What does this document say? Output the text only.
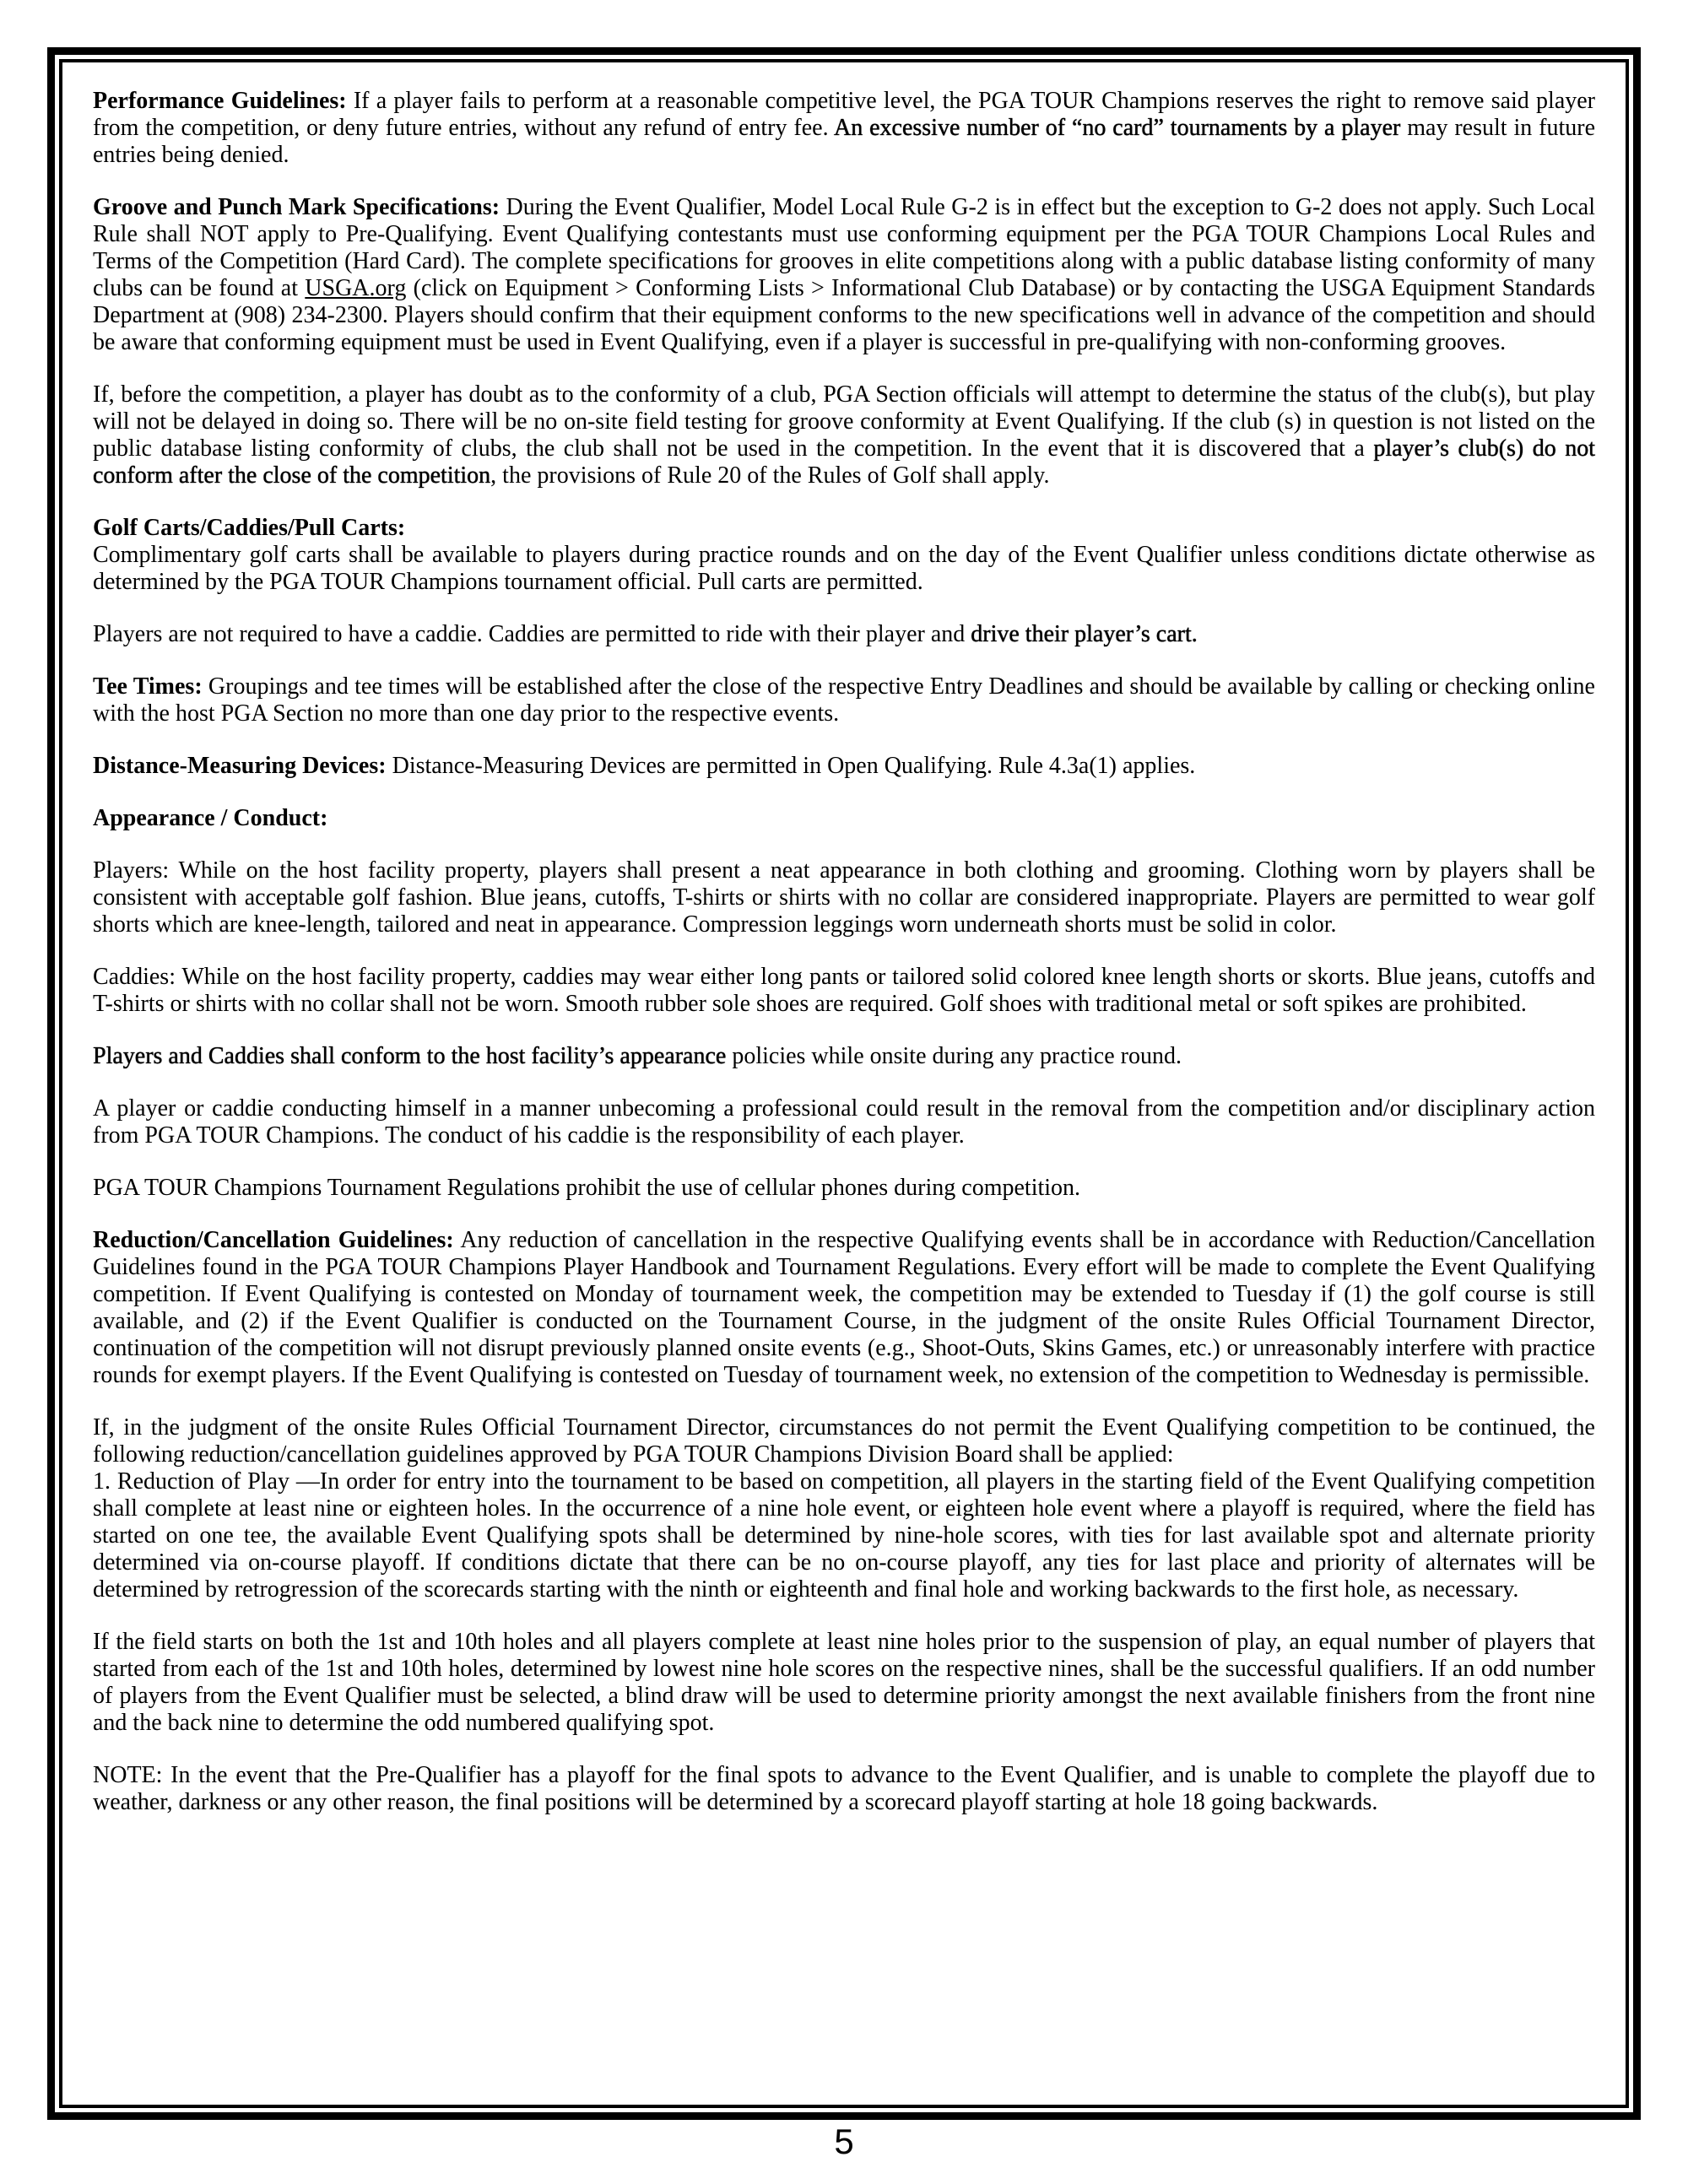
Performance Guidelines: If a player fails to perform at a reasonable competitive level, the PGA TOUR Champions reserves the right to remove said player from the competition, or deny future entries, without any refund of entry fee. An excessive number of “no card” tournaments by a player may result in future entries being denied.

Groove and Punch Mark Specifications: During the Event Qualifier, Model Local Rule G-2 is in effect but the exception to G-2 does not apply. Such Local Rule shall NOT apply to Pre-Qualifying. Event Qualifying contestants must use conforming equipment per the PGA TOUR Champions Local Rules and Terms of the Competition (Hard Card). The complete specifications for grooves in elite competitions along with a public database listing conformity of many clubs can be found at USGA.org (click on Equipment > Conforming Lists > Informational Club Database) or by contacting the USGA Equipment Standards Department at (908) 234-2300. Players should confirm that their equipment conforms to the new specifications well in advance of the competition and should be aware that conforming equipment must be used in Event Qualifying, even if a player is successful in pre-qualifying with non-conforming grooves.

If, before the competition, a player has doubt as to the conformity of a club, PGA Section officials will attempt to determine the status of the club(s), but play will not be delayed in doing so. There will be no on-site field testing for groove conformity at Event Qualifying. If the club (s) in question is not listed on the public database listing conformity of clubs, the club shall not be used in the competition. In the event that it is discovered that a player’s club(s) do not conform after the close of the competition, the provisions of Rule 20 of the Rules of Golf shall apply.

Golf Carts/Caddies/Pull Carts:
Complimentary golf carts shall be available to players during practice rounds and on the day of the Event Qualifier unless conditions dictate otherwise as determined by the PGA TOUR Champions tournament official. Pull carts are permitted.

Players are not required to have a caddie. Caddies are permitted to ride with their player and drive their player’s cart.

Tee Times: Groupings and tee times will be established after the close of the respective Entry Deadlines and should be available by calling or checking online with the host PGA Section no more than one day prior to the respective events.

Distance-Measuring Devices: Distance-Measuring Devices are permitted in Open Qualifying. Rule 4.3a(1) applies.

Appearance / Conduct:

Players: While on the host facility property, players shall present a neat appearance in both clothing and grooming. Clothing worn by players shall be consistent with acceptable golf fashion. Blue jeans, cutoffs, T-shirts or shirts with no collar are considered inappropriate. Players are permitted to wear golf shorts which are knee-length, tailored and neat in appearance. Compression leggings worn underneath shorts must be solid in color.

Caddies: While on the host facility property, caddies may wear either long pants or tailored solid colored knee length shorts or skorts. Blue jeans, cutoffs and T-shirts or shirts with no collar shall not be worn. Smooth rubber sole shoes are required. Golf shoes with traditional metal or soft spikes are prohibited.

Players and Caddies shall conform to the host facility’s appearance policies while onsite during any practice round.

A player or caddie conducting himself in a manner unbecoming a professional could result in the removal from the competition and/or disciplinary action from PGA TOUR Champions. The conduct of his caddie is the responsibility of each player.

PGA TOUR Champions Tournament Regulations prohibit the use of cellular phones during competition.

Reduction/Cancellation Guidelines: Any reduction of cancellation in the respective Qualifying events shall be in accordance with Reduction/Cancellation Guidelines found in the PGA TOUR Champions Player Handbook and Tournament Regulations. Every effort will be made to complete the Event Qualifying competition. If Event Qualifying is contested on Monday of tournament week, the competition may be extended to Tuesday if (1) the golf course is still available, and (2) if the Event Qualifier is conducted on the Tournament Course, in the judgment of the onsite Rules Official Tournament Director, continuation of the competition will not disrupt previously planned onsite events (e.g., Shoot-Outs, Skins Games, etc.) or unreasonably interfere with practice rounds for exempt players. If the Event Qualifying is contested on Tuesday of tournament week, no extension of the competition to Wednesday is permissible.

If, in the judgment of the onsite Rules Official Tournament Director, circumstances do not permit the Event Qualifying competition to be continued, the following reduction/cancellation guidelines approved by PGA TOUR Champions Division Board shall be applied:
1. Reduction of Play —In order for entry into the tournament to be based on competition, all players in the starting field of the Event Qualifying competition shall complete at least nine or eighteen holes. In the occurrence of a nine hole event, or eighteen hole event where a playoff is required, where the field has started on one tee, the available Event Qualifying spots shall be determined by nine-hole scores, with ties for last available spot and alternate priority determined via on-course playoff. If conditions dictate that there can be no on-course playoff, any ties for last place and priority of alternates will be determined by retrogression of the scorecards starting with the ninth or eighteenth and final hole and working backwards to the first hole, as necessary.

If the field starts on both the 1st and 10th holes and all players complete at least nine holes prior to the suspension of play, an equal number of players that started from each of the 1st and 10th holes, determined by lowest nine hole scores on the respective nines, shall be the successful qualifiers. If an odd number of players from the Event Qualifier must be selected, a blind draw will be used to determine priority amongst the next available finishers from the front nine and the back nine to determine the odd numbered qualifying spot.

NOTE: In the event that the Pre-Qualifier has a playoff for the final spots to advance to the Event Qualifier, and is unable to complete the playoff due to weather, darkness or any other reason, the final positions will be determined by a scorecard playoff starting at hole 18 going backwards.

5
